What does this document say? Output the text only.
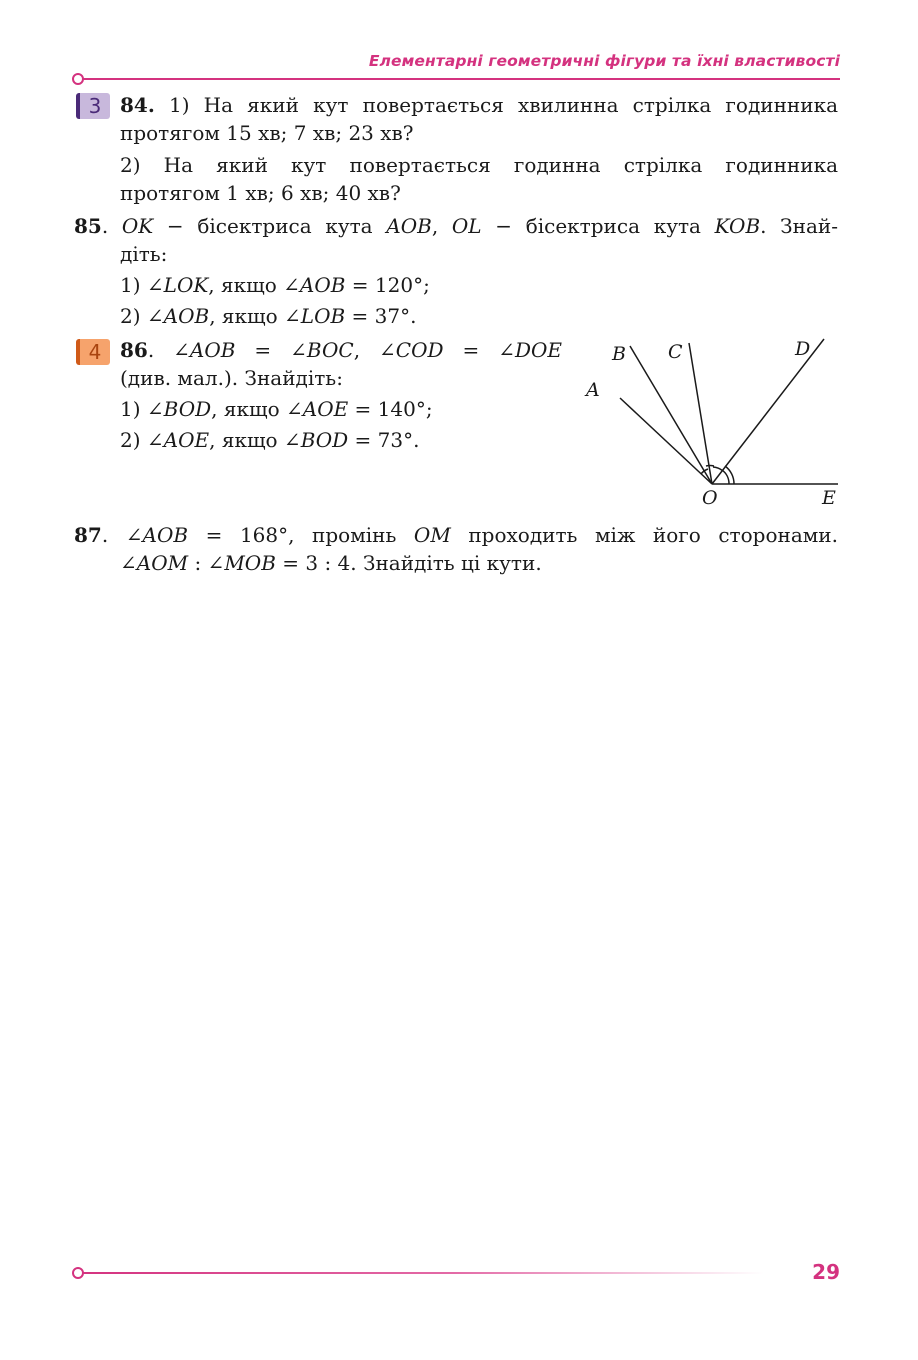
Елементарні геометричні фігури та їхні властивості
3
4
84. 1) На який кут повертається хвилинна стрілка годинника
протягом 15 хв; 7 хв; 23 хв?
2) На який кут повертається годинна стрілка годинника
протягом 1 хв; 6 хв; 40 хв?
85. OK − бісектриса кута AOB, OL − бісектриса кута KOB. Знай-
діть:
1) ∠LOK, якщо ∠AOB = 120°;
2) ∠AOB, якщо ∠LOB = 37°.
86. ∠AOB = ∠BOC, ∠COD = ∠DOE
(див. мал.). Знайдіть:
1) ∠BOD, якщо ∠AOE = 140°;
2) ∠AOE, якщо ∠BOD = 73°.
A
B C	D
E
O
87. ∠AOB = 168°, промінь OM проходить між його сторонами.
∠AOM : ∠MOB = 3 : 4. Знайдіть ці кути.
29
